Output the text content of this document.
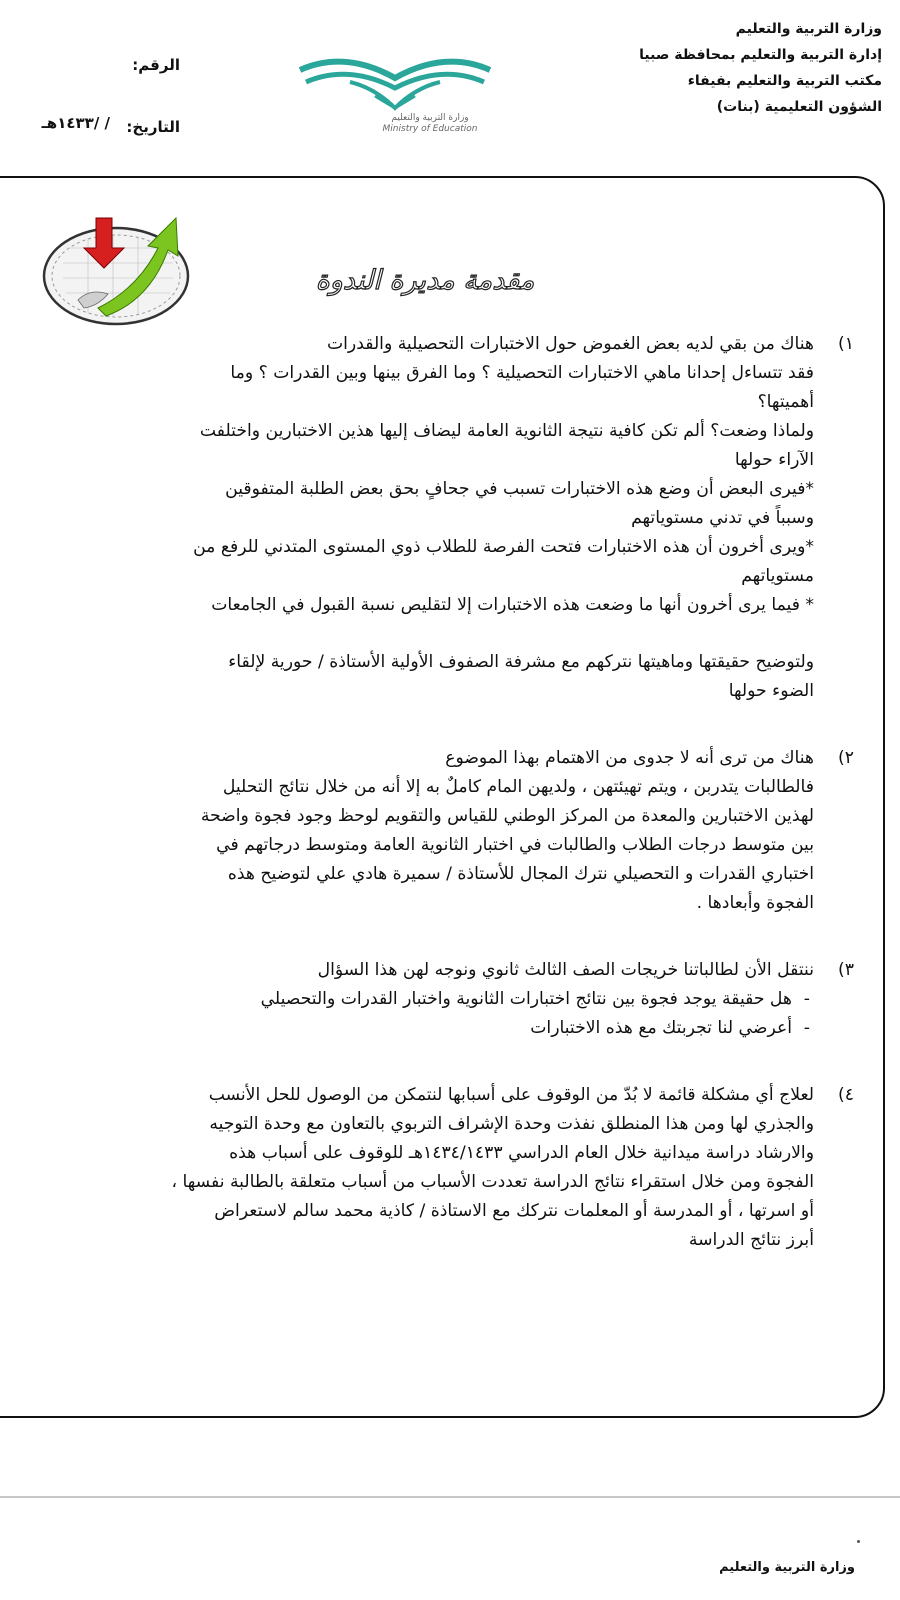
وزارة التربية والتعليم
إدارة التربية والتعليم بمحافظة صبيا
مكتب التربية والتعليم بفيفاء
الشؤون التعليمية (بنات)
وزارة التربية والتعليم
Ministry of Education
الرقم:
التاريخ:
/ /١٤٣٣هـ
مقدمة مديرة الندوة
١)
هناك من بقي لديه بعض الغموض حول الاختبارات التحصيلية والقدرات
فقد تتساءل إحدانا ماهي الاختبارات التحصيلية ؟ وما الفرق بينها وبين القدرات ؟ وما
أهميتها؟
ولماذا وضعت؟ ألم تكن كافية نتيجة الثانوية العامة ليضاف إليها هذين الاختبارين واختلفت
الآراء حولها
*فيرى البعض أن وضع هذه الاختبارات تسبب في جحافٍ بحق بعض الطلبة المتفوقين
وسبباً في تدني مستوياتهم
*ويرى أخرون أن هذه الاختبارات فتحت الفرصة للطلاب ذوي المستوى المتدني للرفع من
مستوياتهم
* فيما يرى أخرون أنها ما وضعت هذه الاختبارات إلا لتقليص نسبة القبول في الجامعات
ولتوضيح حقيقتها وماهيتها نتركهم مع مشرفة الصفوف الأولية الأستاذة / حورية لإلقاء
الضوء حولها
٢)
هناك من ترى أنه لا جدوى من الاهتمام بهذا الموضوع
فالطالبات يتدربن ، ويتم تهيئتهن ، ولديهن المام كاملٌ به إلا أنه من خلال نتائج التحليل
لهذين الاختبارين والمعدة من المركز الوطني للقياس والتقويم لوحظ وجود فجوة واضحة
بين متوسط درجات الطلاب والطالبات في اختبار الثانوية العامة ومتوسط درجاتهم في
اختباري القدرات و التحصيلي نترك المجال للأستاذة / سميرة هادي علي لتوضيح هذه
الفجوة وأبعادها .
٣)
ننتقل الأن لطالباتنا خريجات الصف الثالث ثانوي ونوجه لهن هذا السؤال
- هل حقيقة يوجد فجوة بين نتائج اختبارات الثانوية واختبار القدرات والتحصيلي
- أعرضي لنا تجربتك مع هذه الاختبارات
٤)
لعلاج أي مشكلة قائمة لا بُدّ من الوقوف على أسبابها لنتمكن من الوصول للحل الأنسب
والجذري لها ومن هذا المنطلق نفذت وحدة الإشراف التربوي بالتعاون مع وحدة التوجيه
والارشاد دراسة ميدانية خلال العام الدراسي ١٤٣٤/١٤٣٣هـ للوقوف على أسباب هذه
الفجوة ومن خلال استقراء نتائج الدراسة تعددت الأسباب من أسباب متعلقة بالطالبة نفسها ،
أو اسرتها ، أو المدرسة أو المعلمات نتركك مع الاستاذة / كاذية محمد سالم لاستعراض
أبرز نتائج الدراسة
وزارة التربية والتعليم
